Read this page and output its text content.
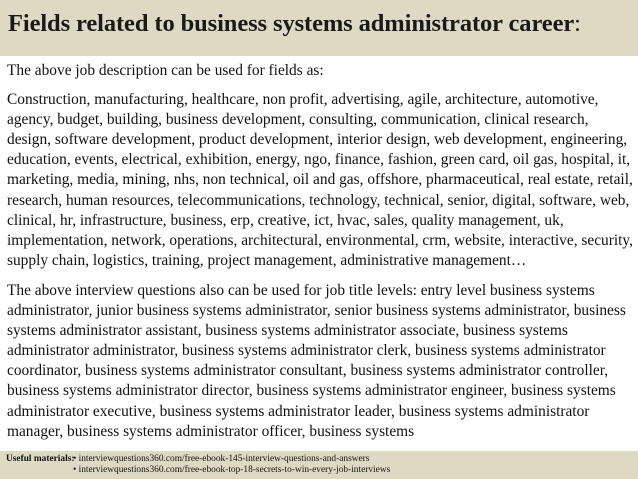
Fields related to business systems administrator career:

The above job description can be used for fields as:

Construction, manufacturing, healthcare, non profit, advertising, agile, architecture, automotive, agency, budget, building, business development, consulting, communication, clinical research, design, software development, product development, interior design, web development, engineering, education, events, electrical, exhibition, energy, ngo, finance, fashion, green card, oil gas, hospital, it, marketing, media, mining, nhs, non technical, oil and gas, offshore, pharmaceutical, real estate, retail, research, human resources, telecommunications, technology, technical, senior, digital, software, web, clinical, hr, infrastructure, business, erp, creative, ict, hvac, sales, quality management, uk, implementation, network, operations, architectural, environmental, crm, website, interactive, security, supply chain, logistics, training, project management, administrative management…

The above interview questions also can be used for job title levels: entry level business systems administrator, junior business systems administrator, senior business systems administrator, business systems administrator assistant, business systems administrator associate, business systems administrator administrator, business systems administrator clerk, business systems administrator coordinator, business systems administrator consultant, business systems administrator controller, business systems administrator director, business systems administrator engineer, business systems administrator executive, business systems administrator leader, business systems administrator manager, business systems administrator officer, business systems

Useful materials:
• interviewquestions360.com/free-ebook-145-interview-questions-and-answers
• interviewquestions360.com/free-ebook-top-18-secrets-to-win-every-job-interviews
